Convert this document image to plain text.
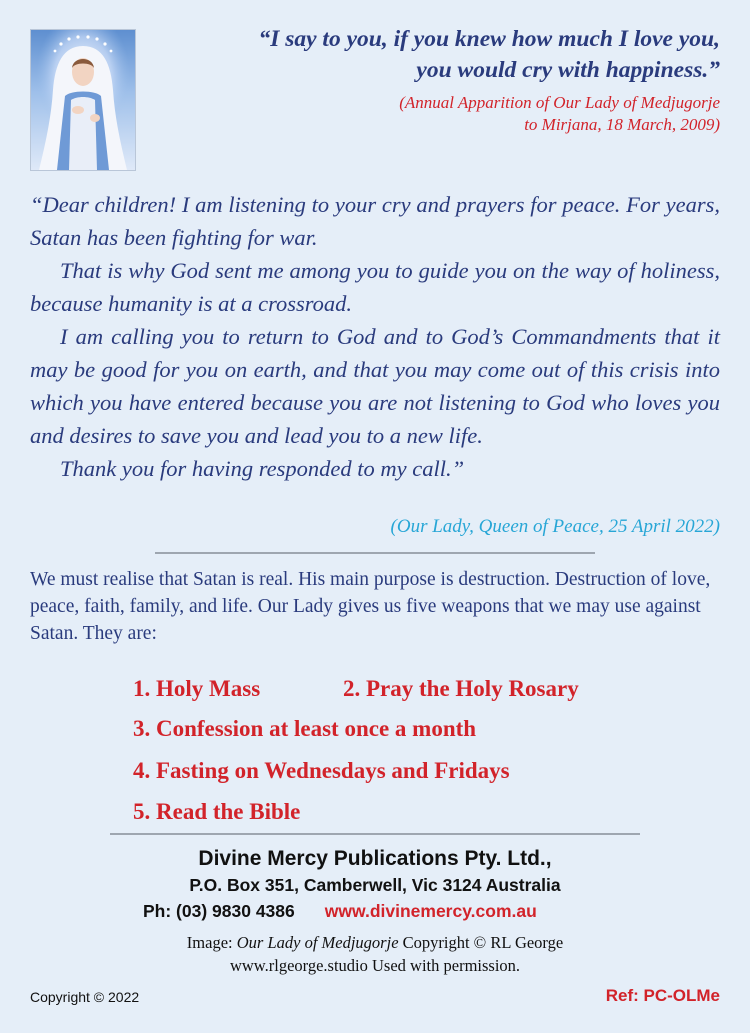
“I say to you, if you knew how much I love you,
you would cry with happiness.”
(Annual Apparition of Our Lady of Medjugorje
to Mirjana, 18 March, 2009)

“Dear children! I am listening to your cry and prayers for peace. For years, Satan has been fighting for war.

That is why God sent me among you to guide you on the way of holiness, because humanity is at a crossroad.

I am calling you to return to God and to God’s Commandments that it may be good for you on earth, and that you may come out of this crisis into which you have entered because you are not listening to God who loves you and desires to save you and lead you to a new life.

Thank you for having responded to my call.”

(Our Lady, Queen of Peace, 25 April 2022)
We must realise that Satan is real. His main purpose is destruction. Destruction of love, peace, faith, family, and life. Our Lady gives us five weapons that we may use against Satan. They are:
1. Holy Mass	2. Pray the Holy Rosary
3. Confession at least once a month
4. Fasting on Wednesdays and Fridays
5. Read the Bible
Divine Mercy Publications Pty. Ltd.,
P.O. Box 351, Camberwell, Vic 3124 Australia
Ph: (03) 9830 4386 www.divinemercy.com.au
Image: Our Lady of Medjugorje Copyright © RL George
www.rlgeorge.studio Used with permission.
Copyright © 2022	Ref: PC-OLMe
